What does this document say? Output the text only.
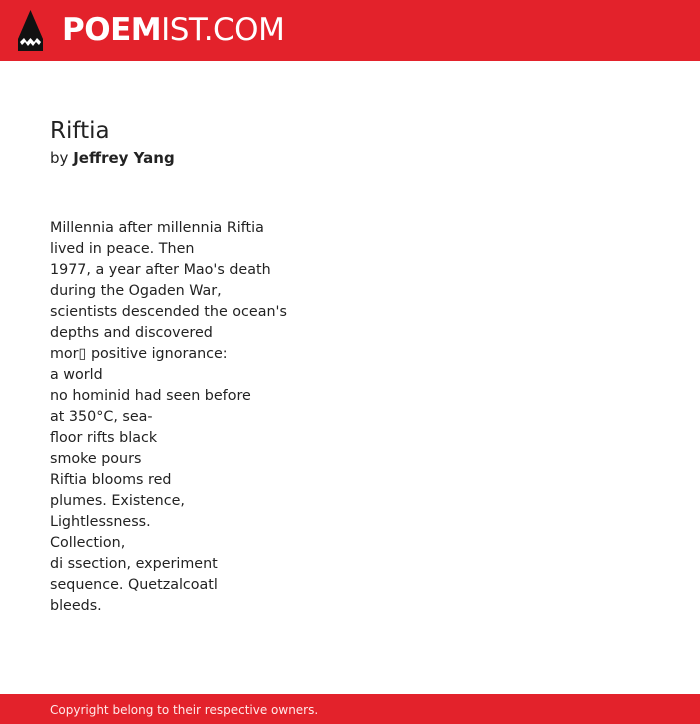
POEMIST.COM
Riftia
by Jeffrey Yang
Millennia after millennia Riftia
lived in peace. Then
1977, a year after Mao's death
during the Ogaden War,
scientists descended the ocean's
depths and discovered
mor▯ positive ignorance:
a world
no hominid had seen before
at 350°C, sea-
floor rifts black
smoke pours
Riftia blooms red
plumes. Existence,
Lightlessness.
Collection,
di ssection, experiment
sequence. Quetzalcoatl
bleeds.
Copyright belong to their respective owners.
